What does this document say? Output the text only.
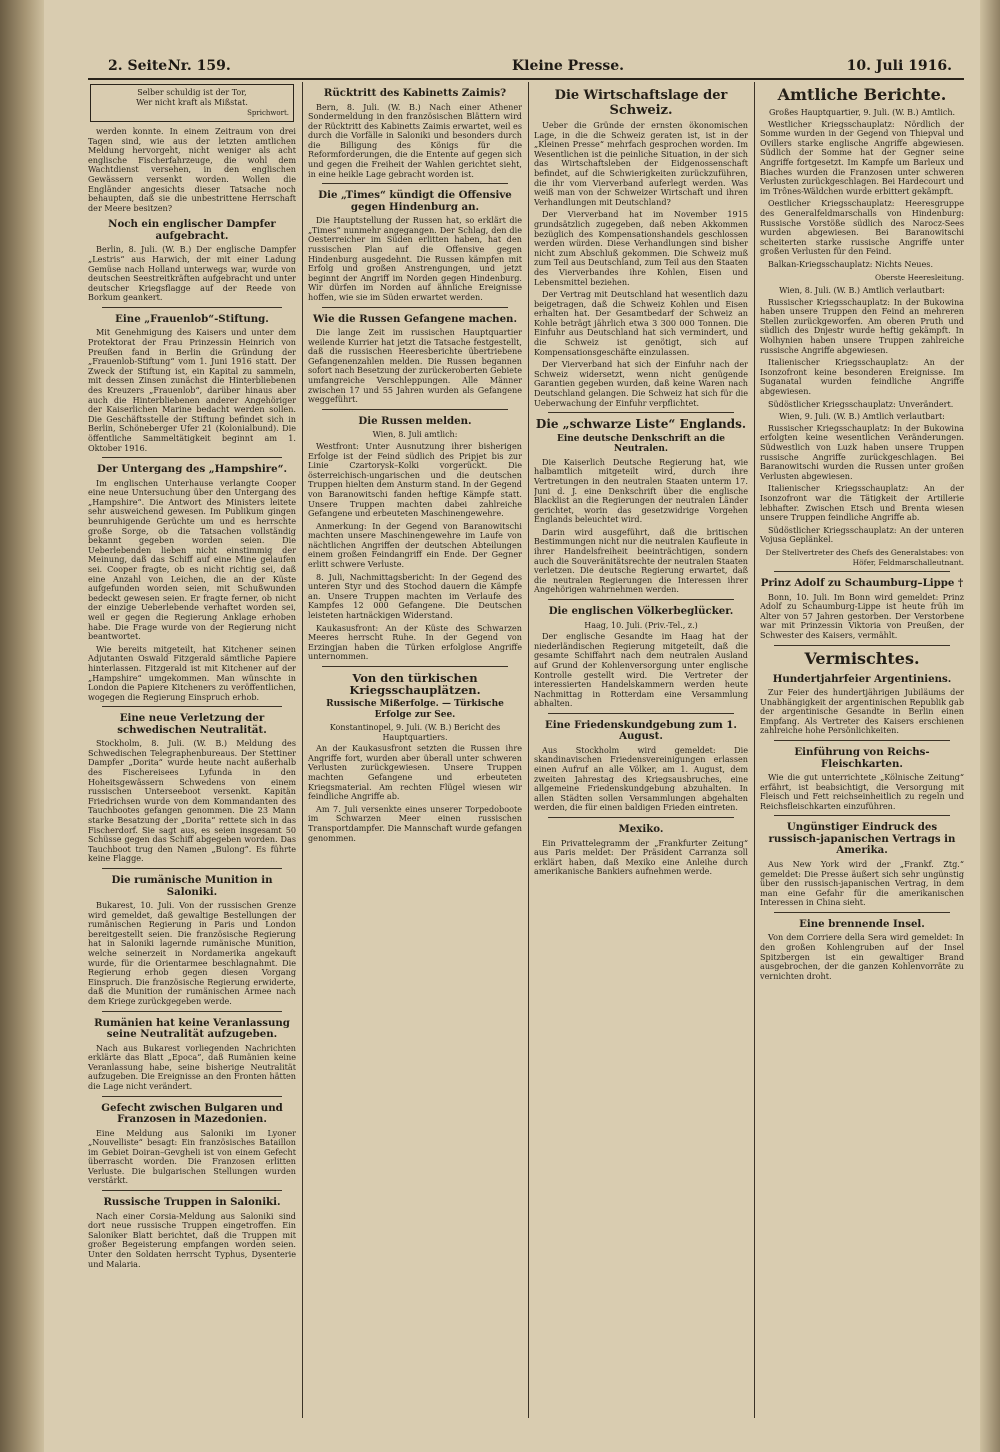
2. Seite.
Nr. 159.	Kleine Presse.	10. Juli 1916.
Selber schuldig ist der Tor,
Wer nicht kraft als Mißstat.
Sprichwort.

werden konnte. In einem Zeitraum von drei Tagen sind, wie aus der letzten amtlichen Meldung hervorgeht, nicht weniger als acht englische Fischerfahrzeuge, die wohl dem Wachtdienst versehen, in den englischen Gewässern versenkt worden. Wollen die Engländer angesichts dieser Tatsache noch behaupten, daß sie die unbestrittene Herrschaft der Meere besitzen?

Noch ein englischer Dampfer aufgebracht.

Berlin, 8. Juli. (W. B.) Der englische Dampfer „Lestris“ aus Harwich, der mit einer Ladung Gemüse nach Holland unterwegs war, wurde von deutschen Seestreitkräften aufgebracht und unter deutscher Kriegsflagge auf der Reede von Borkum geankert.

Eine „Frauenlob“-Stiftung.

Mit Genehmigung des Kaisers und unter dem Protektorat der Frau Prinzessin Heinrich von Preußen fand in Berlin die Gründung der „Frauenlob-Stiftung“ vom 1. Juni 1916 statt. Der Zweck der Stiftung ist, ein Kapital zu sammeln, mit dessen Zinsen zunächst die Hinterbliebenen des Kreuzers „Frauenlob“, darüber hinaus aber auch die Hinterbliebenen anderer Angehöriger der Kaiserlichen Marine bedacht werden sollen. Die Geschäftsstelle der Stiftung befindet sich in Berlin, Schöneberger Ufer 21 (Kolonialbund). Die öffentliche Sammeltätigkeit beginnt am 1. Oktober 1916.

Der Untergang des „Hampshire“.

Im englischen Unterhause verlangte Cooper eine neue Untersuchung über den Untergang des „Hampshire“. Die Antwort des Ministers leitete sehr ausweichend gewesen. Im Publikum gingen beunruhigende Gerüchte um und es herrschte große Sorge, ob die Tatsachen vollständig bekannt gegeben worden seien. Die Ueberlebenden lieben nicht einstimmig der Meinung, daß das Schiff auf eine Mine gelaufen sei. Cooper fragte, ob es nicht richtig sei, daß eine Anzahl von Leichen, die an der Küste aufgefunden worden seien, mit Schußwunden bedeckt gewesen seien. Er fragte ferner, ob nicht der einzige Ueberlebende verhaftet worden sei, weil er gegen die Regierung Anklage erhoben habe. Die Frage wurde von der Regierung nicht beantwortet.

Wie bereits mitgeteilt, hat Kitchener seinen Adjutanten Oswald Fitzgerald sämtliche Papiere hinterlassen. Fitzgerald ist mit Kitchener auf der „Hampshire“ umgekommen. Man wünschte in London die Papiere Kitcheners zu veröffentlichen, wogegen die Regierung Einspruch erhob.

Eine neue Verletzung der schwedischen Neutralität.

Stockholm, 8. Juli. (W. B.) Meldung des Schwedischen Telegraphenbureaus. Der Stettiner Dampfer „Dorita“ wurde heute nacht außerhalb des Fischereisees Lyfunda in den Hoheitsgewässern Schwedens von einem russischen Unterseeboot versenkt. Kapitän Friedrichsen wurde von dem Kommandanten des Tauchbootes gefangen genommen. Die 23 Mann starke Besatzung der „Dorita“ rettete sich in das Fischerdorf. Sie sagt aus, es seien insgesamt 50 Schüsse gegen das Schiff abgegeben worden. Das Tauchboot trug den Namen „Bulong“. Es führte keine Flagge.

Die rumänische Munition in Saloniki.

Bukarest, 10. Juli. Von der russischen Grenze wird gemeldet, daß gewaltige Bestellungen der rumänischen Regierung in Paris und London bereitgestellt seien. Die französische Regierung hat in Saloniki lagernde rumänische Munition, welche seinerzeit in Nordamerika angekauft wurde, für die Orientarmee beschlagnahmt. Die Regierung erhob gegen diesen Vorgang Einspruch. Die französische Regierung erwiderte, daß die Munition der rumänischen Armee nach dem Kriege zurückgegeben werde.

Rumänien hat keine Veranlassung seine Neutralität aufzugeben.

Nach aus Bukarest vorliegenden Nachrichten erklärte das Blatt „Epoca“, daß Rumänien keine Veranlassung habe, seine bisherige Neutralität aufzugeben. Die Ereignisse an den Fronten hätten die Lage nicht verändert.

Gefecht zwischen Bulgaren und Franzosen in Mazedonien.

Eine Meldung aus Saloniki im Lyoner „Nouvelliste“ besagt: Ein französisches Bataillon im Gebiet Doiran–Gevgheli ist von einem Gefecht überrascht worden. Die Franzosen erlitten Verluste. Die bulgarischen Stellungen wurden verstärkt.

Russische Truppen in Saloniki.

Nach einer Corsia-Meldung aus Saloniki sind dort neue russische Truppen eingetroffen. Ein Saloniker Blatt berichtet, daß die Truppen mit großer Begeisterung empfangen worden seien. Unter den Soldaten herrscht Typhus, Dysenterie und Malaria.

Rücktritt des Kabinetts Zaimis?

Bern, 8. Juli. (W. B.) Nach einer Athener Sondermeldung in den französischen Blättern wird der Rücktritt des Kabinetts Zaimis erwartet, weil es durch die Vorfälle in Saloniki und besonders durch die Billigung des Königs für die Reformforderungen, die die Entente auf gegen sich und gegen die Freiheit der Wahlen gerichtet sieht, in eine heikle Lage gebracht worden ist.

Die „Times“ kündigt die Offensive gegen Hindenburg an.

Die Hauptstellung der Russen hat, so erklärt die „Times“ nunmehr angegangen. Der Schlag, den die Oesterreicher im Süden erlitten haben, hat den russischen Plan auf die Offensive gegen Hindenburg ausgedehnt. Die Russen kämpfen mit Erfolg und großen Anstrengungen, und jetzt beginnt der Angriff im Norden gegen Hindenburg. Wir dürfen im Norden auf ähnliche Ereignisse hoffen, wie sie im Süden erwartet werden.

Wie die Russen Gefangene machen.

Die lange Zeit im russischen Hauptquartier weilende Kurrier hat jetzt die Tatsache festgestellt, daß die russischen Heeresberichte übertriebene Gefangenenzahlen melden. Die Russen begannen sofort nach Besetzung der zurückeroberten Gebiete umfangreiche Verschleppungen. Alle Männer zwischen 17 und 55 Jahren wurden als Gefangene weggeführt.

Die Russen melden.
Wien, 8. Juli amtlich:

Westfront: Unter Ausnutzung ihrer bisherigen Erfolge ist der Feind südlich des Pripjet bis zur Linie Czartorysk–Kolki vorgerückt. Die österreichisch-ungarischen und die deutschen Truppen hielten dem Ansturm stand. In der Gegend von Baranowitschi fanden heftige Kämpfe statt. Unsere Truppen machten dabei zahlreiche Gefangene und erbeuteten Maschinengewehre.

Anmerkung: In der Gegend von Baranowitschi machten unsere Maschinengewehre im Laufe von nächtlichen Angriffen der deutschen Abteilungen einem großen Feindangriff ein Ende. Der Gegner erlitt schwere Verluste.

8. Juli, Nachmittagsbericht: In der Gegend des unteren Styr und des Stochod dauern die Kämpfe an. Unsere Truppen machten im Verlaufe des Kampfes 12 000 Gefangene. Die Deutschen leisteten hartnäckigen Widerstand.

Kaukasusfront: An der Küste des Schwarzen Meeres herrscht Ruhe. In der Gegend von Erzingjan haben die Türken erfolglose Angriffe unternommen.

Von den türkischen Kriegsschauplätzen.
Russische Mißerfolge. — Türkische Erfolge zur See.
Konstantinopel, 9. Juli. (W. B.) Bericht des Hauptquartiers.

An der Kaukasusfront setzten die Russen ihre Angriffe fort, wurden aber überall unter schweren Verlusten zurückgewiesen. Unsere Truppen machten Gefangene und erbeuteten Kriegsmaterial. Am rechten Flügel wiesen wir feindliche Angriffe ab.

Am 7. Juli versenkte eines unserer Torpedoboote im Schwarzen Meer einen russischen Transportdampfer. Die Mannschaft wurde gefangen genommen.

Die Wirtschaftslage der Schweiz.

Ueber die Gründe der ernsten ökonomischen Lage, in die die Schweiz geraten ist, ist in der „Kleinen Presse“ mehrfach gesprochen worden. Im Wesentlichen ist die peinliche Situation, in der sich das Wirtschaftsleben der Eidgenossenschaft befindet, auf die Schwierigkeiten zurückzuführen, die ihr vom Vierverband auferlegt werden. Was weiß man von der Schweizer Wirtschaft und ihren Verhandlungen mit Deutschland?

Der Vierverband hat im November 1915 grundsätzlich zugegeben, daß neben Akkommen bezüglich des Kompensationshandels geschlossen werden würden. Diese Verhandlungen sind bisher nicht zum Abschluß gekommen. Die Schweiz muß zum Teil aus Deutschland, zum Teil aus den Staaten des Vierverbandes ihre Kohlen, Eisen und Lebensmittel beziehen.

Der Vertrag mit Deutschland hat wesentlich dazu beigetragen, daß die Schweiz Kohlen und Eisen erhalten hat. Der Gesamtbedarf der Schweiz an Kohle beträgt jährlich etwa 3 300 000 Tonnen. Die Einfuhr aus Deutschland hat sich vermindert, und die Schweiz ist genötigt, sich auf Kompensationsgeschäfte einzulassen.

Der Vierverband hat sich der Einfuhr nach der Schweiz widersetzt, wenn nicht genügende Garantien gegeben wurden, daß keine Waren nach Deutschland gelangen. Die Schweiz hat sich für die Ueberwachung der Einfuhr verpflichtet.

Die „schwarze Liste“ Englands.
Eine deutsche Denkschrift an die Neutralen.

Die Kaiserlich Deutsche Regierung hat, wie halbamtlich mitgeteilt wird, durch ihre Vertretungen in den neutralen Staaten unterm 17. Juni d. J. eine Denkschrift über die englische Blacklist an die Regierungen der neutralen Länder gerichtet, worin das gesetzwidrige Vorgehen Englands beleuchtet wird.

Darin wird ausgeführt, daß die britischen Bestimmungen nicht nur die neutralen Kaufleute in ihrer Handelsfreiheit beeinträchtigen, sondern auch die Souveränitätsrechte der neutralen Staaten verletzen. Die deutsche Regierung erwartet, daß die neutralen Regierungen die Interessen ihrer Angehörigen wahrnehmen werden.

Die englischen Völkerbeglücker.
Haag, 10. Juli. (Priv.-Tel., z.)

Der englische Gesandte im Haag hat der niederländischen Regierung mitgeteilt, daß die gesamte Schiffahrt nach dem neutralen Ausland auf Grund der Kohlenversorgung unter englische Kontrolle gestellt wird. Die Vertreter der interessierten Handelskammern werden heute Nachmittag in Rotterdam eine Versammlung abhalten.

Eine Friedenskundgebung zum 1. August.

Aus Stockholm wird gemeldet: Die skandinavischen Friedensvereinigungen erlassen einen Aufruf an alle Völker, am 1. August, dem zweiten Jahrestag des Kriegsausbruches, eine allgemeine Friedenskundgebung abzuhalten. In allen Städten sollen Versammlungen abgehalten werden, die für einen baldigen Frieden eintreten.

Mexiko.

Ein Privattelegramm der „Frankfurter Zeitung“ aus Paris meldet: Der Präsident Carranza soll erklärt haben, daß Mexiko eine Anleihe durch amerikanische Bankiers aufnehmen werde.

Amtliche Berichte.
Großes Hauptquartier, 9. Juli. (W. B.) Amtlich.

Westlicher Kriegsschauplatz: Nördlich der Somme wurden in der Gegend von Thiepval und Ovillers starke englische Angriffe abgewiesen. Südlich der Somme hat der Gegner seine Angriffe fortgesetzt. Im Kampfe um Barleux und Biaches wurden die Franzosen unter schweren Verlusten zurückgeschlagen. Bei Hardecourt und im Trônes-Wäldchen wurde erbittert gekämpft.

Oestlicher Kriegsschauplatz: Heeresgruppe des Generalfeldmarschalls von Hindenburg: Russische Vorstöße südlich des Narocz-Sees wurden abgewiesen. Bei Baranowitschi scheiterten starke russische Angriffe unter großen Verlusten für den Feind.

Balkan-Kriegsschauplatz: Nichts Neues.

Oberste Heeresleitung.
Wien, 8. Juli. (W. B.) Amtlich verlautbart:

Russischer Kriegsschauplatz: In der Bukowina haben unsere Truppen den Feind an mehreren Stellen zurückgeworfen. Am oberen Pruth und südlich des Dnjestr wurde heftig gekämpft. In Wolhynien haben unsere Truppen zahlreiche russische Angriffe abgewiesen.

Italienischer Kriegsschauplatz: An der Isonzofront keine besonderen Ereignisse. Im Suganatal wurden feindliche Angriffe abgewiesen.

Südöstlicher Kriegsschauplatz: Unverändert.

Wien, 9. Juli. (W. B.) Amtlich verlautbart:

Russischer Kriegsschauplatz: In der Bukowina erfolgten keine wesentlichen Veränderungen. Südwestlich von Luzk haben unsere Truppen russische Angriffe zurückgeschlagen. Bei Baranowitschi wurden die Russen unter großen Verlusten abgewiesen.

Italienischer Kriegsschauplatz: An der Isonzofront war die Tätigkeit der Artillerie lebhafter. Zwischen Etsch und Brenta wiesen unsere Truppen feindliche Angriffe ab.

Südöstlicher Kriegsschauplatz: An der unteren Vojusa Geplänkel.

Der Stellvertreter des Chefs des Generalstabes: von Höfer, Feldmarschalleutnant.
Prinz Adolf zu Schaumburg–Lippe †

Bonn, 10. Juli. Im Bonn wird gemeldet: Prinz Adolf zu Schaumburg-Lippe ist heute früh im Alter von 57 Jahren gestorben. Der Verstorbene war mit Prinzessin Viktoria von Preußen, der Schwester des Kaisers, vermählt.

Vermischtes.
Hundertjahrfeier Argentiniens.

Zur Feier des hundertjährigen Jubiläums der Unabhängigkeit der argentinischen Republik gab der argentinische Gesandte in Berlin einen Empfang. Als Vertreter des Kaisers erschienen zahlreiche hohe Persönlichkeiten.

Einführung von Reichs-Fleischkarten.

Wie die gut unterrichtete „Kölnische Zeitung“ erfährt, ist beabsichtigt, die Versorgung mit Fleisch und Fett reichseinheitlich zu regeln und Reichsfleischkarten einzuführen.

Ungünstiger Eindruck des russisch-japanischen Vertrags in Amerika.

Aus New York wird der „Frankf. Ztg.“ gemeldet: Die Presse äußert sich sehr ungünstig über den russisch-japanischen Vertrag, in dem man eine Gefahr für die amerikanischen Interessen in China sieht.

Eine brennende Insel.

Von dem Corriere della Sera wird gemeldet: In den großen Kohlengruben auf der Insel Spitzbergen ist ein gewaltiger Brand ausgebrochen, der die ganzen Kohlenvorräte zu vernichten droht.
